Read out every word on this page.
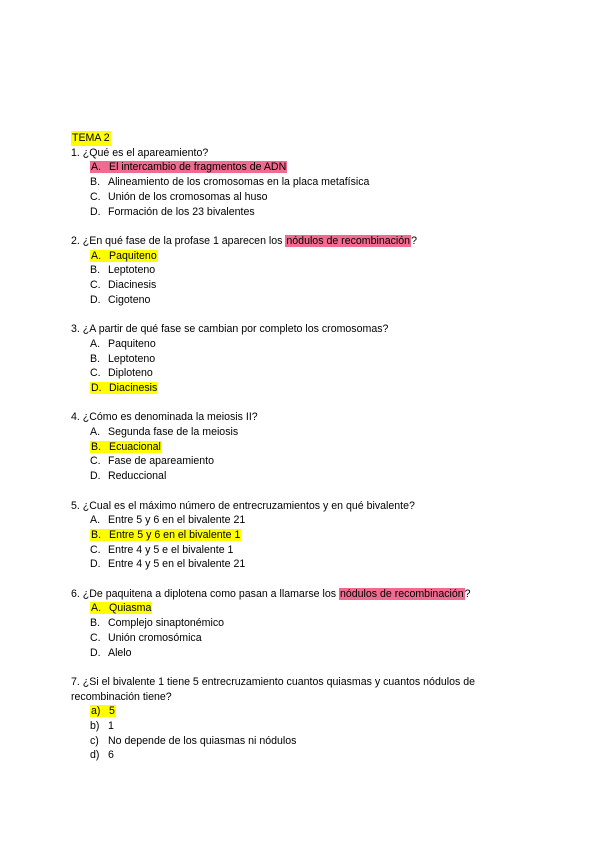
TEMA 2
1. ¿Qué es el apareamiento?
A. El intercambio de fragmentos de ADN
B. Alineamiento de los cromosomas en la placa metafísica
C. Unión de los cromosomas al huso
D. Formación de los 23 bivalentes
2. ¿En qué fase de la profase 1 aparecen los nódulos de recombinación?
A. Paquiteno
B. Leptoteno
C. Diacinesis
D. Cigoteno
3. ¿A partir de qué fase se cambian por completo los cromosomas?
A. Paquiteno
B. Leptoteno
C. Diploteno
D. Diacinesis
4. ¿Cómo es denominada la meiosis II?
A. Segunda fase de la meiosis
B. Ecuacional
C. Fase de apareamiento
D. Reduccional
5. ¿Cual es el máximo número de entrecruzamientos y en qué bivalente?
A. Entre 5 y 6 en el bivalente 21
B. Entre 5 y 6 en el bivalente 1
C. Entre 4 y 5 e el bivalente 1
D. Entre 4 y 5 en el bivalente 21
6. ¿De paquitena a diplotena como pasan a llamarse los nódulos de recombinación?
A. Quiasma
B. Complejo sinaptonémico
C. Unión cromosómica
D. Alelo
7. ¿Si el bivalente 1 tiene 5 entrecruzamiento cuantos quiasmas y cuantos nódulos de recombinación tiene?
a) 5
b) 1
c) No depende de los quiasmas ni nódulos
d) 6
